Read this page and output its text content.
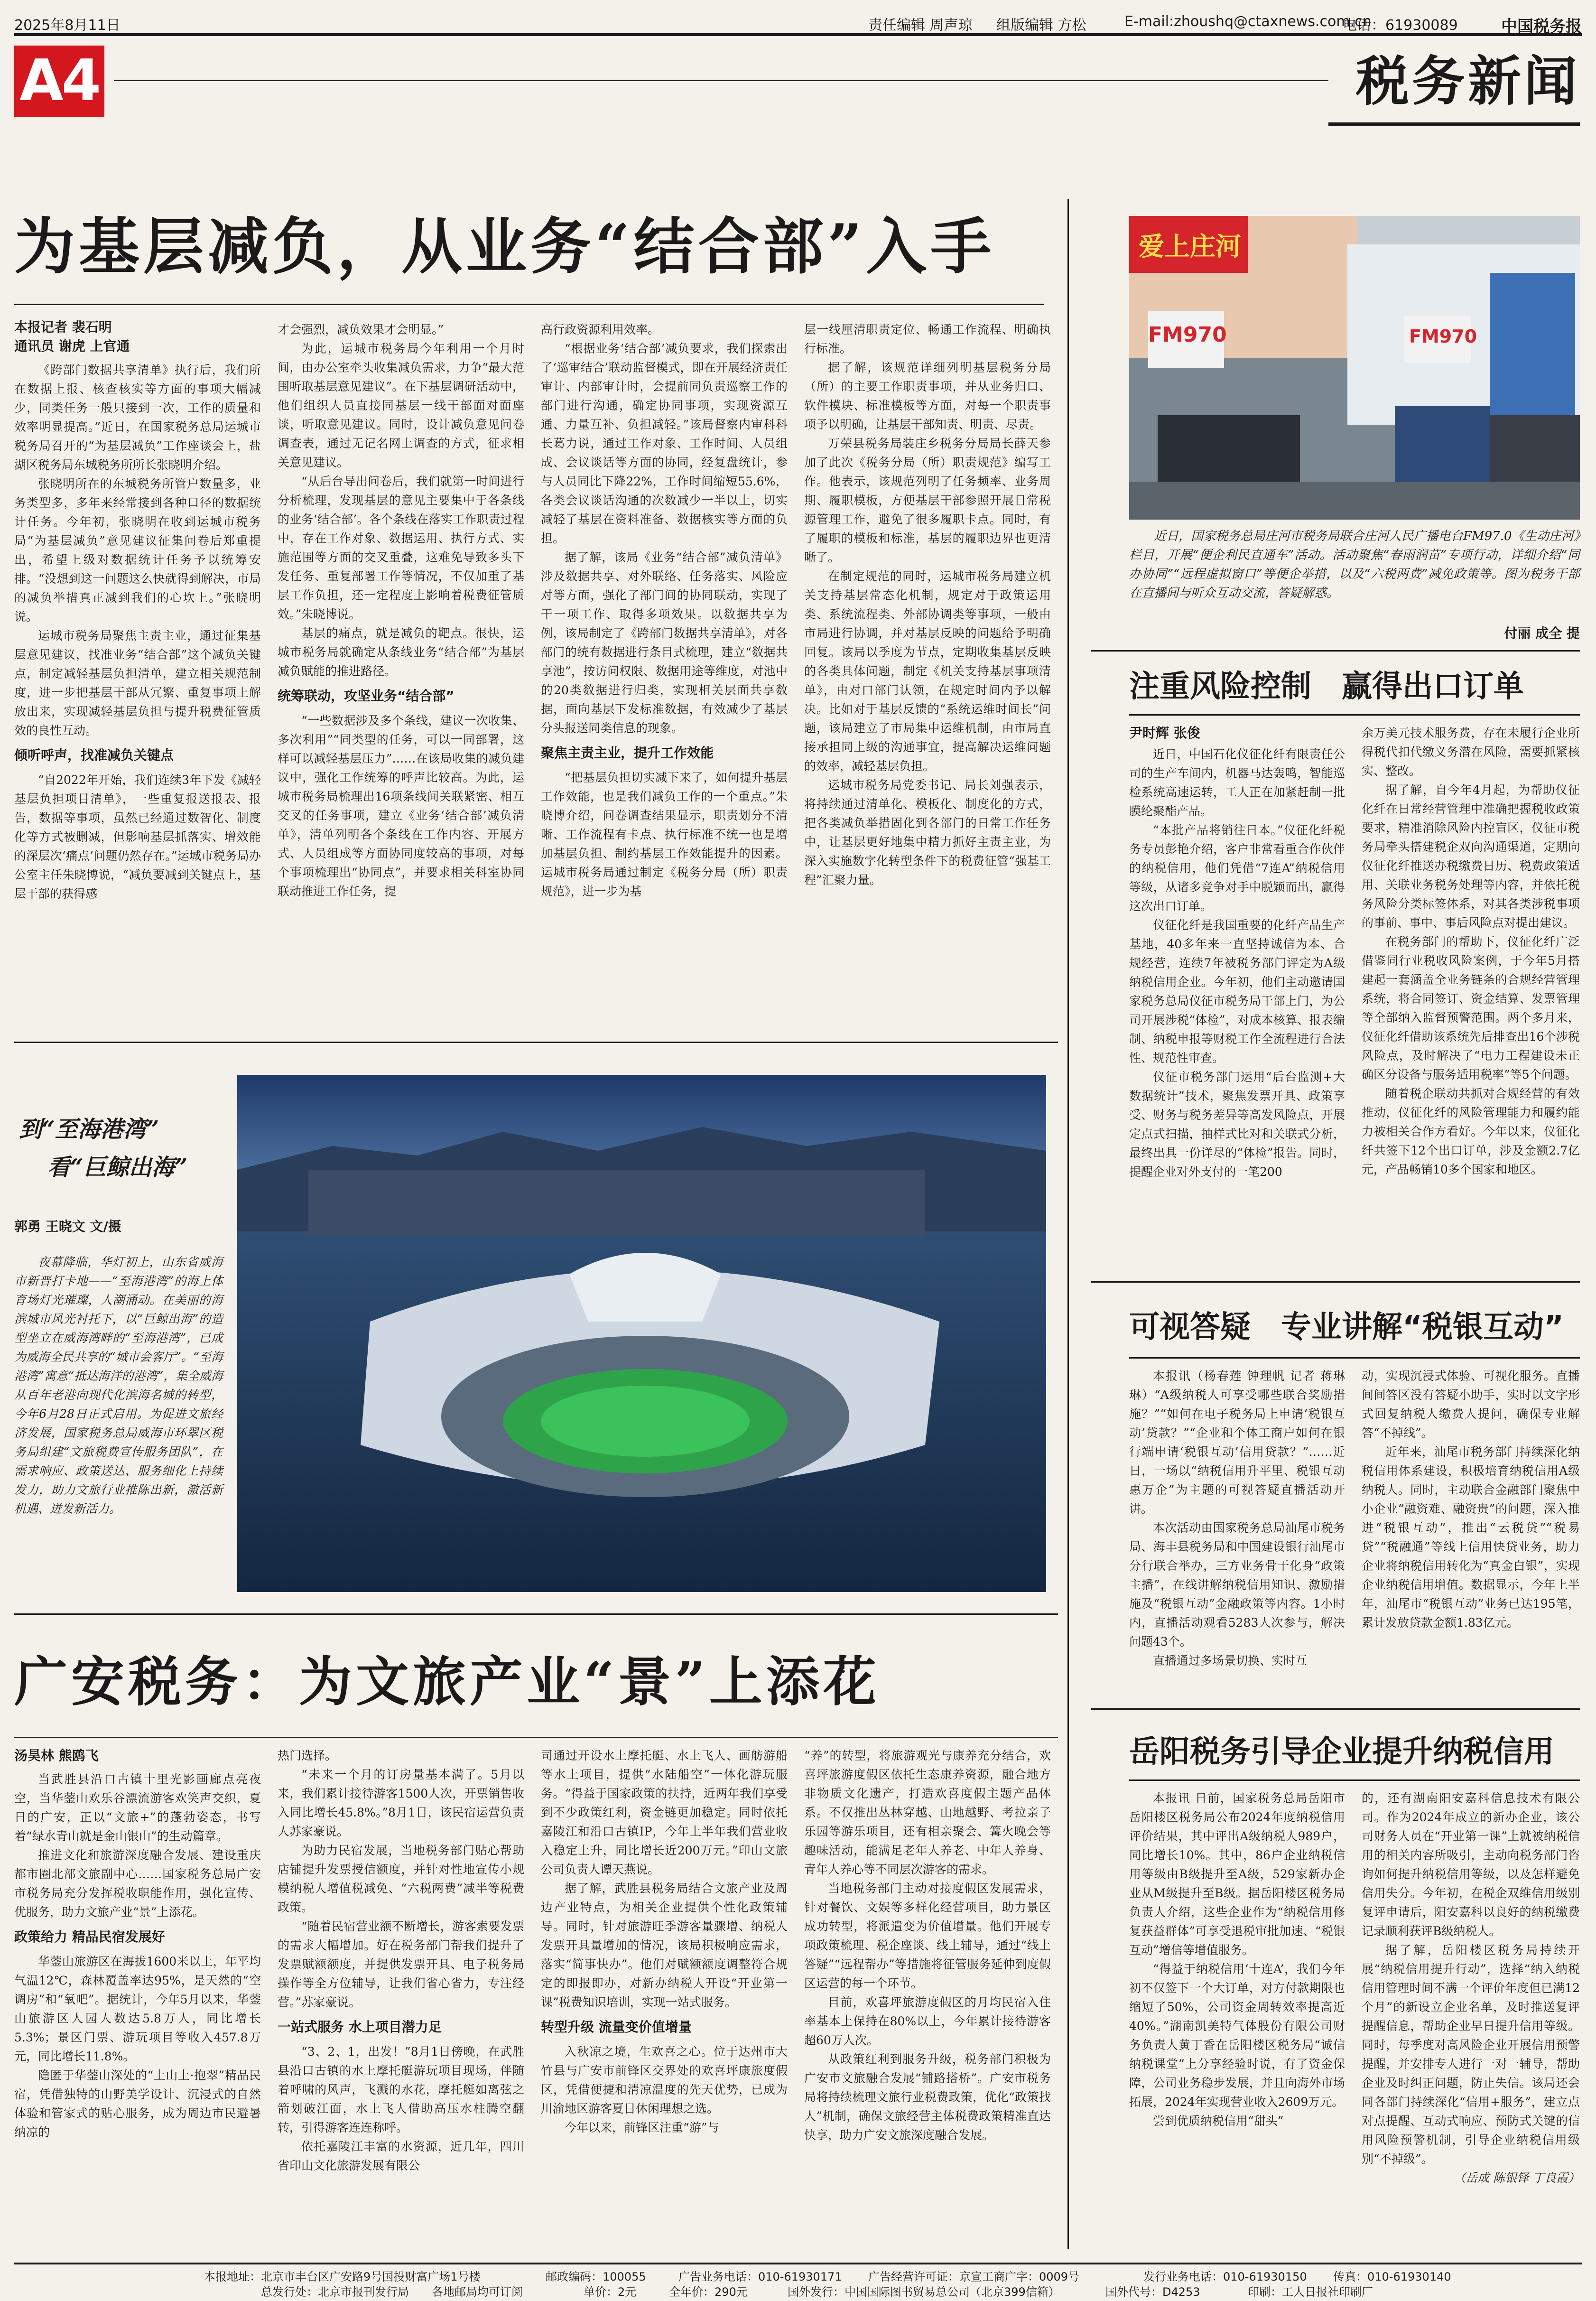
2025年8月11日	责任编辑 周声琼 组版编辑 方松	E-mail:zhoushq@ctaxnews.com.cn
电话：61930089	中国税务报
A4	税务新闻
为基层减负，从业务“结合部”入手
本报记者 裴石明
通讯员 谢虎 上官通

《跨部门数据共享清单》执行后，我们所在数据上报、核查核实等方面的事项大幅减少，同类任务一般只接到一次，工作的质量和效率明显提高。”近日，在国家税务总局运城市税务局召开的“为基层减负”工作座谈会上，盐湖区税务局东城税务所所长张晓明介绍。

张晓明所在的东城税务所管户数量多，业务类型多，多年来经常接到各种口径的数据统计任务。今年初，张晓明在收到运城市税务局“为基层减负”意见建议征集问卷后郑重提出，希望上级对数据统计任务予以统筹安排。“没想到这一问题这么快就得到解决，市局的减负举措真正减到我们的心坎上。”张晓明说。

运城市税务局聚焦主责主业，通过征集基层意见建议，找准业务“结合部”这个减负关键点，制定减轻基层负担清单，建立相关规范制度，进一步把基层干部从冗繁、重复事项上解放出来，实现减轻基层负担与提升税费征管质效的良性互动。

倾听呼声，找准减负关键点

“自2022年开始，我们连续3年下发《减轻基层负担项目清单》，一些重复报送报表、报告，数据等事项，虽然已经通过数智化、制度化等方式被删减，但影响基层抓落实、增效能的深层次‘痛点’问题仍然存在。”运城市税务局办公室主任朱晓博说，“减负要减到关键点上，基层干部的获得感

才会强烈，减负效果才会明显。”

为此，运城市税务局今年利用一个月时间，由办公室牵头收集减负需求，力争“最大范围听取基层意见建议”。在下基层调研活动中，他们组织人员直接同基层一线干部面对面座谈，听取意见建议。同时，设计减负意见问卷调查表，通过无记名网上调查的方式，征求相关意见建议。

“从后台导出问卷后，我们就第一时间进行分析梳理，发现基层的意见主要集中于各条线的业务‘结合部’。各个条线在落实工作职责过程中，存在工作对象、数据运用、执行方式、实施范围等方面的交叉重叠，这难免导致多头下发任务、重复部署工作等情况，不仅加重了基层工作负担，还一定程度上影响着税费征管质效。”朱晓博说。

基层的痛点，就是减负的靶点。很快，运城市税务局就确定从条线业务“结合部”为基层减负赋能的推进路径。

统筹联动，攻坚业务“结合部”

“一些数据涉及多个条线，建议一次收集、多次利用”“同类型的任务，可以一同部署，这样可以减轻基层压力”……在该局收集的减负建议中，强化工作统筹的呼声比较高。为此，运城市税务局梳理出16项条线间关联紧密、相互交叉的任务事项，建立《业务‘结合部’减负清单》，清单列明各个条线在工作内容、开展方式、人员组成等方面协同度较高的事项，对每个事项梳理出“协同点”，并要求相关科室协同联动推进工作任务，提

高行政资源利用效率。

“根据业务‘结合部’减负要求，我们探索出了‘巡审结合’联动监督模式，即在开展经济责任审计、内部审计时，会提前同负责巡察工作的部门进行沟通，确定协同事项，实现资源互通、力量互补、负担减轻。”该局督察内审科科长葛力说，通过工作对象、工作时间、人员组成、会议谈话等方面的协同，经复盘统计，参与人员同比下降22%，工作时间缩短55.6%，各类会议谈话沟通的次数减少一半以上，切实减轻了基层在资料准备、数据核实等方面的负担。

据了解，该局《业务“结合部”减负清单》涉及数据共享、对外联络、任务落实、风险应对等方面，强化了部门间的协同联动，实现了干一项工作、取得多项效果。以数据共享为例，该局制定了《跨部门数据共享清单》，对各部门的统有数据进行条目式梳理，建立“数据共享池”，按访问权限、数据用途等维度，对池中的20类数据进行归类，实现相关层面共享数据，面向基层下发标准数据，有效减少了基层分头报送同类信息的现象。

聚焦主责主业，提升工作效能

“把基层负担切实减下来了，如何提升基层工作效能，也是我们减负工作的一个重点。”朱晓博介绍，问卷调查结果显示，职责划分不清晰、工作流程有卡点、执行标准不统一也是增加基层负担、制约基层工作效能提升的因素。运城市税务局通过制定《税务分局（所）职责规范》，进一步为基

层一线厘清职责定位、畅通工作流程、明确执行标准。

据了解，该规范详细列明基层税务分局（所）的主要工作职责事项，并从业务归口、软件模块、标准模板等方面，对每一个职责事项予以明确，让基层干部知责、明责、尽责。

万荣县税务局装庄乡税务分局局长薛天参加了此次《税务分局（所）职责规范》编写工作。他表示，该规范列明了任务频率、业务周期、履职模板，方便基层干部参照开展日常税源管理工作，避免了很多履职卡点。同时，有了履职的模板和标准，基层的履职边界也更清晰了。

在制定规范的同时，运城市税务局建立机关支持基层常态化机制，规定对于政策运用类、系统流程类、外部协调类等事项，一般由市局进行协调，并对基层反映的问题给予明确回复。该局以季度为节点，定期收集基层反映的各类具体问题，制定《机关支持基层事项清单》，由对口部门认领，在规定时间内予以解决。比如对于基层反馈的“系统运维时间长”问题，该局建立了市局集中运维机制，由市局直接承担同上级的沟通事宜，提高解决运维问题的效率，减轻基层负担。

运城市税务局党委书记、局长刘强表示，将持续通过清单化、模板化、制度化的方式，把各类减负举措固化到各部门的日常工作任务中，让基层更好地集中精力抓好主责主业，为深入实施数字化转型条件下的税费征管“强基工程”汇聚力量。

爱上庄河
FM970	FM970
近日，国家税务总局庄河市税务局联合庄河人民广播电台FM97.0《生动庄河》栏目，开展“便企利民直通车”活动。活动聚焦“春雨润苗”专项行动，详细介绍“同办协同”“远程虚拟窗口”等便企举措，以及“六税两费”减免政策等。图为税务干部在直播间与听众互动交流，答疑解惑。
付丽 成全 提
注重风险控制　赢得出口订单
尹时辉 张俊

近日，中国石化仪征化纤有限责任公司的生产车间内，机器马达轰鸣，智能巡检系统高速运转，工人正在加紧赶制一批膜纶聚酯产品。

“本批产品将销往日本。”仪征化纤税务专员彭艳介绍，客户非常看重合作伙伴的纳税信用，他们凭借“7连A”纳税信用等级，从诸多竞争对手中脱颖而出，赢得这次出口订单。

仪征化纤是我国重要的化纤产品生产基地，40多年来一直坚持诚信为本、合规经营，连续7年被税务部门评定为A级纳税信用企业。今年初，他们主动邀请国家税务总局仪征市税务局干部上门，为公司开展涉税“体检”，对成本核算、报表编制、纳税申报等财税工作全流程进行合法性、规范性审查。

仪征市税务部门运用“后台监测+大数据统计”技术，聚焦发票开具、政策享受、财务与税务差异等高发风险点，开展定点式扫描，抽样式比对和关联式分析，最终出具一份详尽的“体检”报告。同时，提醒企业对外支付的一笔200

余万美元技术服务费，存在未履行企业所得税代扣代缴义务潜在风险，需要抓紧核实、整改。

据了解，自今年4月起，为帮助仪征化纤在日常经营管理中准确把握税收政策要求，精准消除风险内控盲区，仪征市税务局牵头搭建税企双向沟通渠道，定期向仪征化纤推送办税缴费日历、税费政策适用、关联业务税务处理等内容，并依托税务风险分类标签体系，对其各类涉税事项的事前、事中、事后风险点对提出建议。

在税务部门的帮助下，仪征化纤广泛借鉴同行业税收风险案例，于今年5月搭建起一套涵盖全业务链条的合规经营管理系统，将合同签订、资金结算、发票管理等全部纳入监督预警范围。两个多月来，仪征化纤借助该系统先后排查出16个涉税风险点，及时解决了“电力工程建设未正确区分设备与服务适用税率”等5个问题。

随着税企联动共抓对合规经营的有效推动，仪征化纤的风险管理能力和履约能力被相关合作方看好。今年以来，仪征化纤共签下12个出口订单，涉及金额2.7亿元，产品畅销10多个国家和地区。

到“至海港湾”
看“巨鲸出海”
郭勇 王晓文 文/摄
夜幕降临，华灯初上，山东省威海市新晋打卡地——“至海港湾”的海上体育场灯光璀璨，人潮涌动。在美丽的海滨城市风光衬托下，以“巨鲸出海”的造型坐立在威海湾畔的“至海港湾”，已成为威海全民共享的“城市会客厅”。“至海港湾”寓意“抵达海洋的港湾”，集全威海从百年老港向现代化滨海名城的转型，今年6月28日正式启用。为促进文旅经济发展，国家税务总局威海市环翠区税务局组建“文旅税费宣传服务团队”，在需求响应、政策送达、服务细化上持续发力，助力文旅行业推陈出新，激活新机遇、迸发新活力。
可视答疑　专业讲解“税银互动”

本报讯（杨春莲 钟理帆 记者 蒋琳琳）“A级纳税人可享受哪些联合奖励措施？”“如何在电子税务局上申请‘税银互动’贷款？”“企业和个体工商户如何在银行端申请‘税银互动’信用贷款？”……近日，一场以“纳税信用升平里、税银互动惠万企”为主题的可视答疑直播活动开讲。

本次活动由国家税务总局汕尾市税务局、海丰县税务局和中国建设银行汕尾市分行联合举办，三方业务骨干化身“政策主播”，在线讲解纳税信用知识、激励措施及“税银互动”金融政策等内容。1小时内，直播活动观看5283人次参与，解决问题43个。

直播通过多场景切换、实时互

动，实现沉浸式体验、可视化服务。直播间间答区没有答疑小助手，实时以文字形式回复纳税人缴费人提问，确保专业解答“不掉线”。

近年来，汕尾市税务部门持续深化纳税信用体系建设，积极培育纳税信用A级纳税人。同时，主动联合金融部门聚焦中小企业“融资难、融资贵”的问题，深入推进“税银互动”，推出“云税贷”“税易贷”“税融通”等线上信用快贷业务，助力企业将纳税信用转化为“真金白银”，实现企业纳税信用增值。数据显示，今年上半年，汕尾市“税银互动”业务已达195笔，累计发放贷款金额1.83亿元。

广安税务：为文旅产业“景”上添花
汤昊林 熊鸥飞

当武胜县沿口古镇十里光影画廊点亮夜空，当华蓥山欢乐谷漂流游客欢笑声交织，夏日的广安，正以“文旅+”的蓬勃姿态，书写着“绿水青山就是金山银山”的生动篇章。

推进文化和旅游深度融合发展、建设重庆都市圈北部文旅副中心……国家税务总局广安市税务局充分发挥税收职能作用，强化宣传、优服务，助力文旅产业“景”上添花。

政策给力 精品民宿发展好

华蓥山旅游区在海拔1600米以上，年平均气温12℃，森林覆盖率达95%，是天然的“空调房”和“氧吧”。据统计，今年5月以来，华蓥山旅游区人园人数达5.8万人，同比增长5.3%；景区门票、游玩项目等收入457.8万元，同比增长11.8%。

隐匿于华蓥山深处的“上山上·抱翠”精品民宿，凭借独特的山野美学设计、沉浸式的自然体验和管家式的贴心服务，成为周边市民避暑纳凉的

热门选择。

“未来一个月的订房量基本满了。5月以来，我们累计接待游客1500人次，开票销售收入同比增长45.8%。”8月1日，该民宿运营负责人苏家豪说。

为助力民宿发展，当地税务部门贴心帮助店铺提升发票授信额度，并针对性地宣传小规模纳税人增值税减免、“六税两费”减半等税费政策。

“随着民宿营业额不断增长，游客索要发票的需求大幅增加。好在税务部门帮我们提升了发票赋额额度，并提供发票开具、电子税务局操作等全方位辅导，让我们省心省力，专注经营。”苏家豪说。

一站式服务 水上项目潜力足

“3、2、1，出发！”8月1日傍晚，在武胜县沿口古镇的水上摩托艇游玩项目现场，伴随着呼啸的风声，飞溅的水花，摩托艇如离弦之箭划破江面，水上飞人借助高压水柱腾空翻转，引得游客连连称呼。

依托嘉陵江丰富的水资源，近几年，四川省印山文化旅游发展有限公

司通过开设水上摩托艇、水上飞人、画舫游船等水上项目，提供“水陆船空”一体化游玩服务。“得益于国家政策的扶持，近两年我们享受到不少政策红利，资金链更加稳定。同时依托嘉陵江和沿口古镇IP，今年上半年我们营业收入稳定上升，同比增长近200万元。”印山文旅公司负责人谭天燕说。

据了解，武胜县税务局结合文旅产业及周边产业特点，为相关企业提供个性化政策辅导。同时，针对旅游旺季游客量骤增、纳税人发票开具量增加的情况，该局积极响应需求，落实“简事快办”。他们对赋额额度调整符合规定的即报即办，对新办纳税人开设“开业第一课”税费知识培训，实现一站式服务。

转型升级 流量变价值增量

入秋凉之境，生欢喜之心。位于达州市大竹县与广安市前锋区交界处的欢喜坪康旅度假区，凭借便捷和清凉温度的先天优势，已成为川渝地区游客夏日休闲理想之选。

今年以来，前锋区注重“游”与

“养”的转型，将旅游观光与康养充分结合，欢喜坪旅游度假区依托生态康养资源，融合地方非物质文化遗产，打造欢喜度假主题产品体系。不仅推出丛林穿越、山地越野、考拉亲子乐园等游乐项目，还有相亲聚会、篝火晚会等趣味活动，能满足老年人养老、中年人养身、青年人养心等不同层次游客的需求。

当地税务部门主动对接度假区发展需求，针对餐饮、文娱等多样化经营项目，助力景区成功转型，将派遣变为价值增量。他们开展专项政策梳理、税企座谈、线上辅导，通过“线上答疑”“远程帮办”等措施将征管服务延伸到度假区运营的每一个环节。

目前，欢喜坪旅游度假区的月均民宿入住率基本上保持在80%以上，今年累计接待游客超60万人次。

从政策红利到服务升级，税务部门积极为广安市文旅融合发展“铺路搭桥”。广安市税务局将持续梳理文旅行业税费政策，优化“政策找人”机制，确保文旅经营主体税费政策精准直达快享，助力广安文旅深度融合发展。

岳阳税务引导企业提升纳税信用

本报讯 日前，国家税务总局岳阳市岳阳楼区税务局公布2024年度纳税信用评价结果，其中评出A级纳税人989户，同比增长10%。其中，86户企业纳税信用等级由B级提升至A级，529家新办企业从M级提升至B级。据岳阳楼区税务局负责人介绍，这些企业作为“纳税信用修复获益群体”可享受退税审批加速、“税银互动”增信等增值服务。

“得益于纳税信用‘十连A’，我们今年初不仅签下一个大订单，对方付款期限也缩短了50%，公司资金周转效率提高近40%。”湖南凯美特气体股份有限公司财务负责人黄丁香在岳阳楼区税务局“诚信纳税课堂”上分享经验时说，有了资金保障，公司业务稳步发展，并且向海外市场拓展，2024年实现营业收入2609万元。

尝到优质纳税信用“甜头”

的，还有湖南阳安嘉科信息技术有限公司。作为2024年成立的新办企业，该公司财务人员在“开业第一课”上就被纳税信用的相关内容所吸引，主动向税务部门咨询如何提升纳税信用等级，以及怎样避免信用失分。今年初，在税企双维信用级别复评申请后，阳安嘉科以良好的纳税缴费记录顺利获评B级纳税人。

据了解，岳阳楼区税务局持续开展“纳税信用提升行动”，选择“纳入纳税信用管理时间不满一个评价年度但已满12个月”的新设立企业名单，及时推送复评提醒信息，帮助企业早日提升信用等级。同时，每季度对高风险企业开展信用预警提醒，并安排专人进行一对一辅导，帮助企业及时纠正问题，防止失信。该局还会同各部门持续深化“信用+服务”，建立点对点提醒、互动式响应、预防式关键的信用风险预警机制，引导企业纳税信用级别“不掉级”。

（岳成 陈银铎 丁良霞）

本报地址：北京市丰台区广安路9号国投财富广场1号楼	邮政编码：100055	广告业务电话：010-61930171 广告经营许可证：京宣工商广字：0009号	发行业务电话：010-61930150 传真：010-61930140
总发行处：北京市报刊发行局 各地邮局均可订阅	单价：2元	全年价：290元	国外发行：中国国际图书贸易总公司（北京399信箱）	国外代号：D4253	印刷：工人日报社印刷厂
